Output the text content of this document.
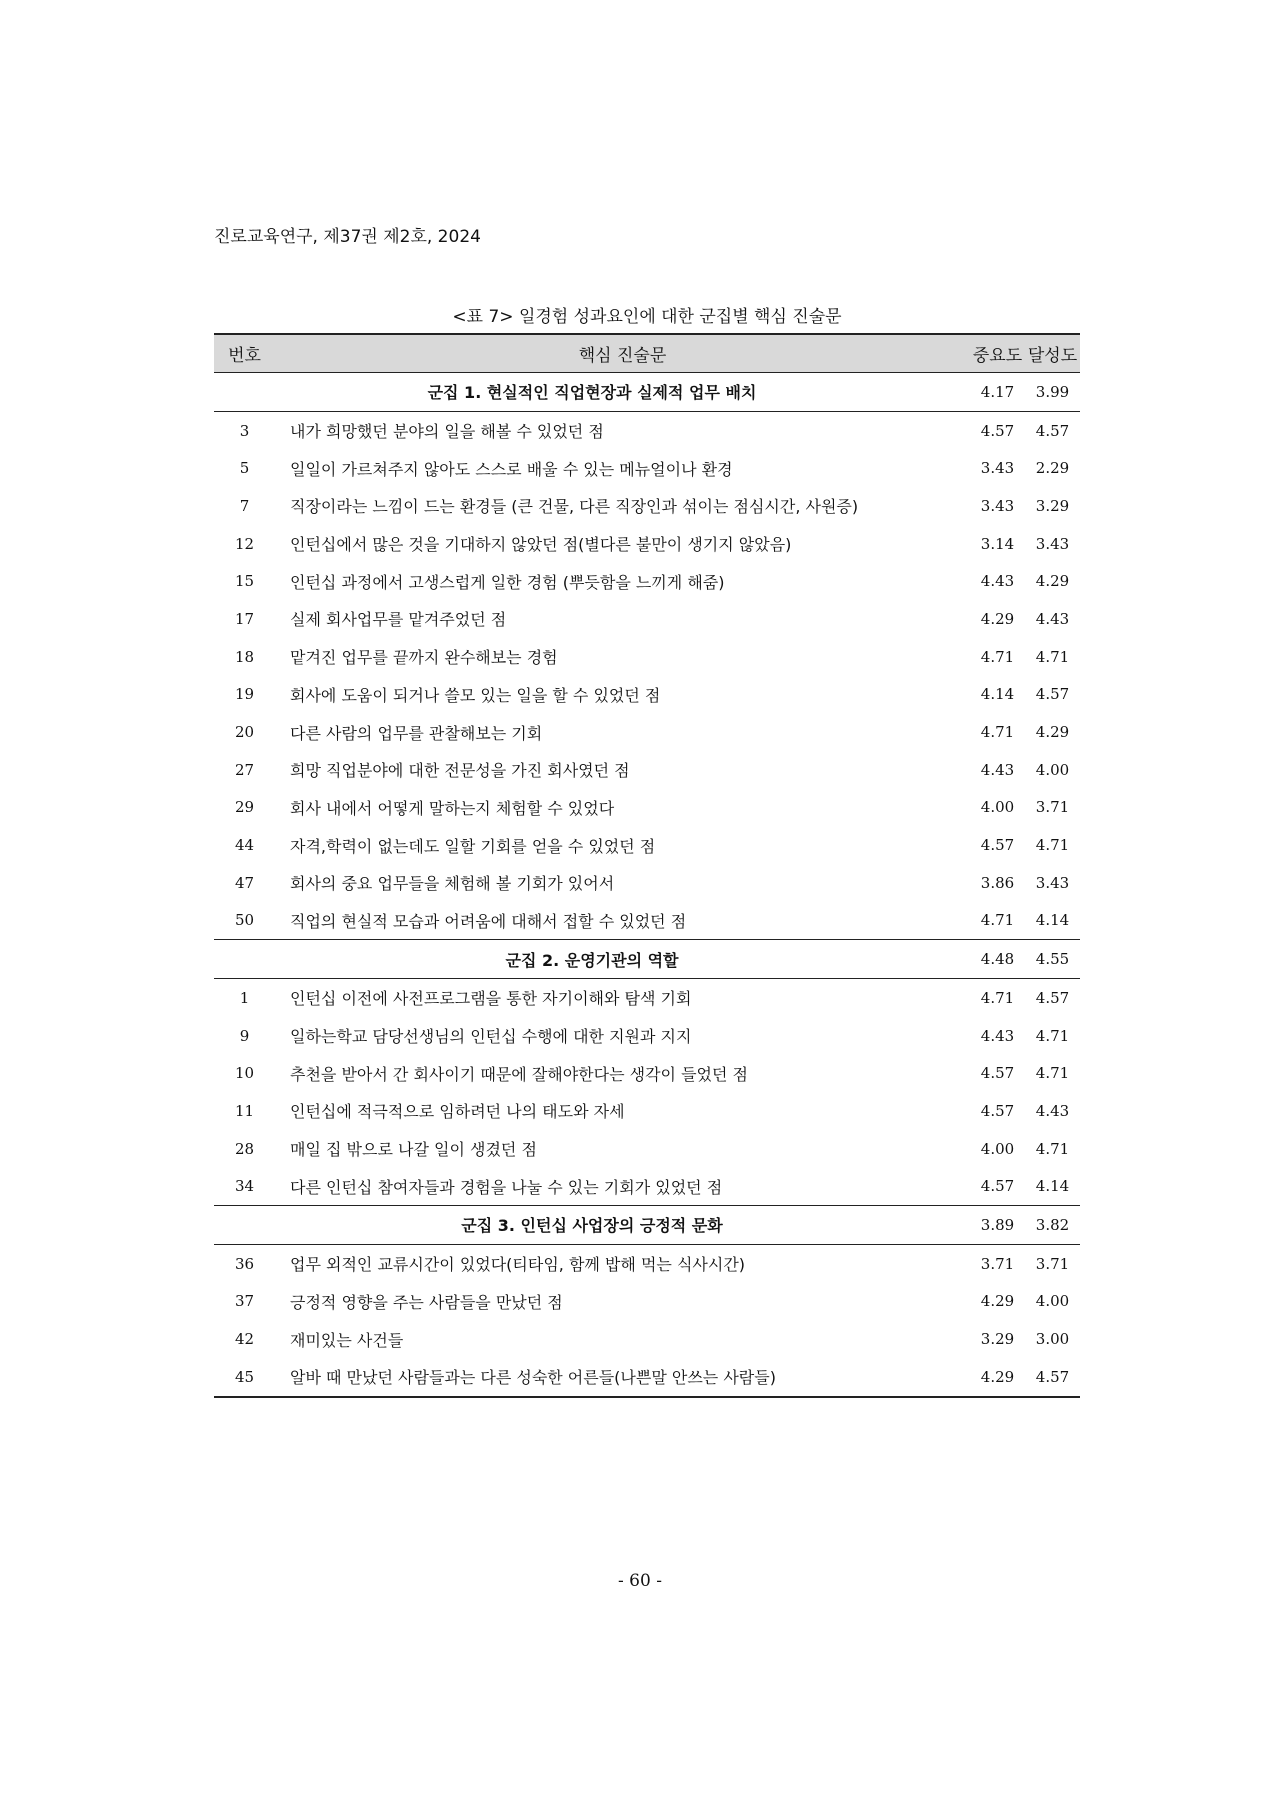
진로교육연구, 제37권 제2호, 2024
<표 7> 일경험 성과요인에 대한 군집별 핵심 진술문
번호	핵심 진술문	중요도	달성도
군집 1. 현실적인 직업현장과 실제적 업무 배치		4.17	3.99
3	내가 희망했던 분야의 일을 해볼 수 있었던 점	4.57	4.57
5	일일이 가르쳐주지 않아도 스스로 배울 수 있는 메뉴얼이나 환경	3.43	2.29
7	직장이라는 느낌이 드는 환경들 (큰 건물, 다른 직장인과 섞이는 점심시간, 사원증)	3.43	3.29
12	인턴십에서 많은 것을 기대하지 않았던 점(별다른 불만이 생기지 않았음)	3.14	3.43
15	인턴십 과정에서 고생스럽게 일한 경험 (뿌듯함을 느끼게 해줌)	4.43	4.29
17	실제 회사업무를 맡겨주었던 점	4.29	4.43
18	맡겨진 업무를 끝까지 완수해보는 경험	4.71	4.71
19	회사에 도움이 되거나 쓸모 있는 일을 할 수 있었던 점	4.14	4.57
20	다른 사람의 업무를 관찰해보는 기회	4.71	4.29
27	희망 직업분야에 대한 전문성을 가진 회사였던 점	4.43	4.00
29	회사 내에서 어떻게 말하는지 체험할 수 있었다	4.00	3.71
44	자격,학력이 없는데도 일할 기회를 얻을 수 있었던 점	4.57	4.71
47	회사의 중요 업무들을 체험해 볼 기회가 있어서	3.86	3.43
50	직업의 현실적 모습과 어려움에 대해서 접할 수 있었던 점	4.71	4.14
군집 2. 운영기관의 역할		4.48	4.55
1	인턴십 이전에 사전프로그램을 통한 자기이해와 탐색 기회	4.71	4.57
9	일하는학교 담당선생님의 인턴십 수행에 대한 지원과 지지	4.43	4.71
10	추천을 받아서 간 회사이기 때문에 잘해야한다는 생각이 들었던 점	4.57	4.71
11	인턴십에 적극적으로 임하려던 나의 태도와 자세	4.57	4.43
28	매일 집 밖으로 나갈 일이 생겼던 점	4.00	4.71
34	다른 인턴십 참여자들과 경험을 나눌 수 있는 기회가 있었던 점	4.57	4.14
군집 3. 인턴십 사업장의 긍정적 문화		3.89	3.82
36	업무 외적인 교류시간이 있었다(티타임, 함께 밥해 먹는 식사시간)	3.71	3.71
37	긍정적 영향을 주는 사람들을 만났던 점	4.29	4.00
42	재미있는 사건들	3.29	3.00
45	알바 때 만났던 사람들과는 다른 성숙한 어른들(나쁜말 안쓰는 사람들)	4.29	4.57
- 60 -
